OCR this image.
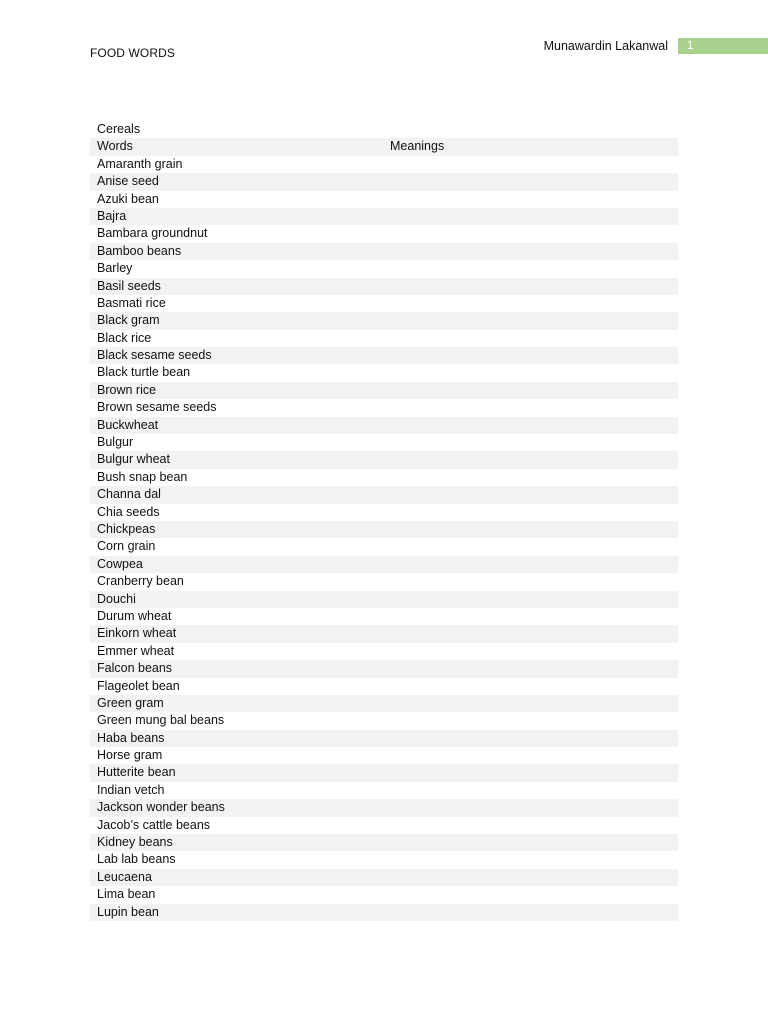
FOOD WORDS	Munawardin Lakanwal	1
Cereals
Words	Meanings
Amaranth grain
Anise seed
Azuki bean
Bajra
Bambara groundnut
Bamboo beans
Barley
Basil seeds
Basmati rice
Black gram
Black rice
Black sesame seeds
Black turtle bean
Brown rice
Brown sesame seeds
Buckwheat
Bulgur
Bulgur wheat
Bush snap bean
Channa dal
Chia seeds
Chickpeas
Corn grain
Cowpea
Cranberry bean
Douchi
Durum wheat
Einkorn wheat
Emmer wheat
Falcon beans
Flageolet bean
Green gram
Green mung bal beans
Haba beans
Horse gram
Hutterite bean
Indian vetch
Jackson wonder beans
Jacob’s cattle beans
Kidney beans
Lab lab beans
Leucaena
Lima bean
Lupin bean
